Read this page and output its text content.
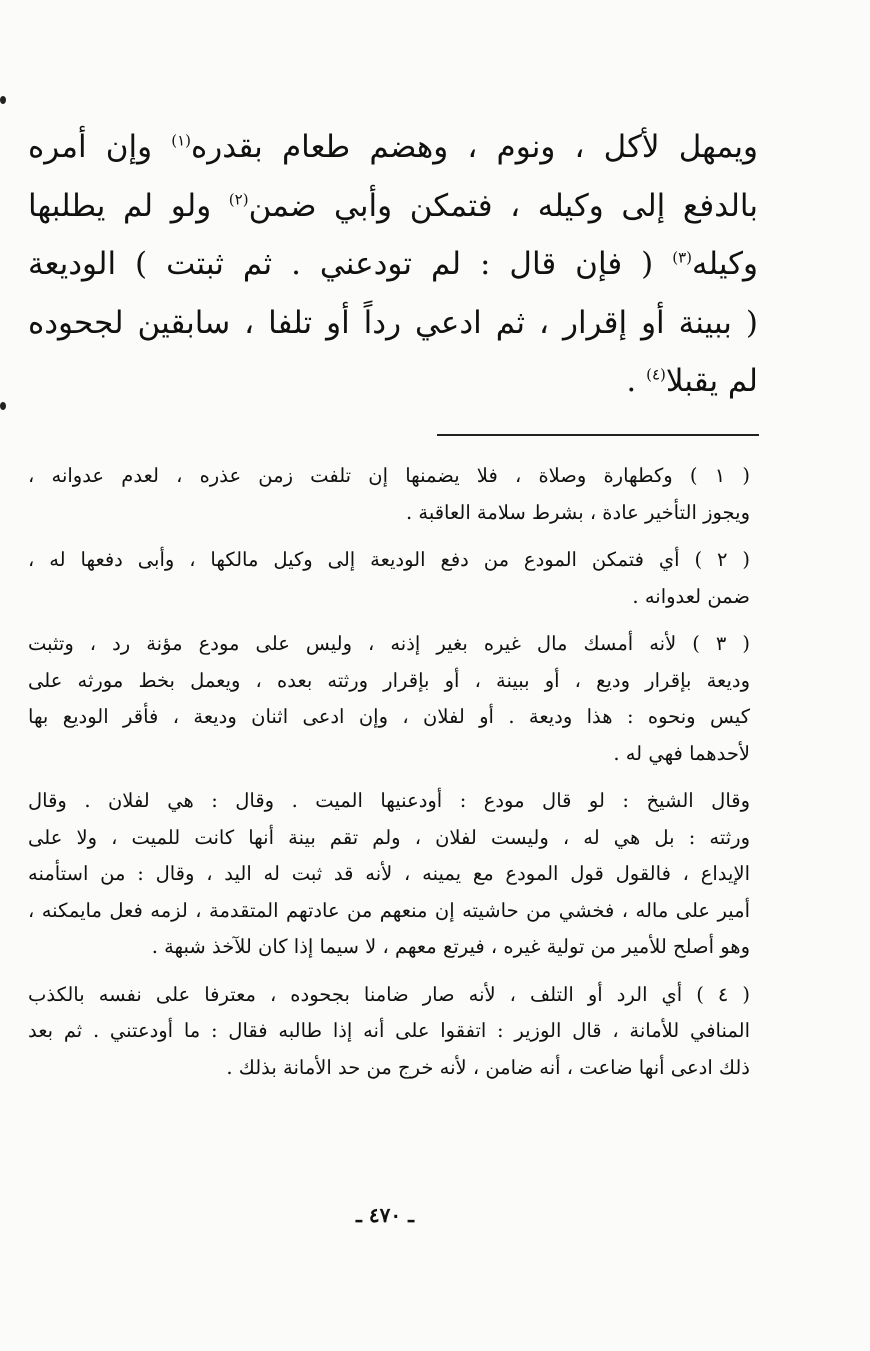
ويمهل لأكل ، ونوم ، وهضم طعام بقدره$^{(١)}$ وإن أمره
بالدفع إلى وكيله ، فتمكن وأبي ضمن$^{(٢)}$ ولو لم يطلبها
وكيله$^{(٣)}$ ( فإن قال : لم تودعني . ثم ثبتت ) الوديعة
( ببينة أو إقرار ، ثم ادعي رداً أو تلفا ، سابقين لجحوده
لم يقبلا$^{(٤)}$ .
( ١ ) وكطهارة وصلاة ، فلا يضمنها إن تلفت زمن عذره ، لعدم عدوانه ،
ويجوز التأخير عادة ، بشرط سلامة العاقبة .
( ٢ ) أي فتمكن المودع من دفع الوديعة إلى وكيل مالكها ، وأبى دفعها له ،
ضمن لعدوانه .
( ٣ ) لأنه أمسك مال غيره بغير إذنه ، وليس على مودع مؤنة رد ، وتثبت
وديعة بإقرار وديع ، أو ببينة ، أو بإقرار ورثته بعده ، ويعمل بخط مورثه على
كيس ونحوه : هذا وديعة . أو لفلان ، وإن ادعى اثنان وديعة ، فأقر الوديع بها
لأحدهما فهي له .
وقال الشيخ : لو قال مودع : أودعنيها الميت . وقال : هي لفلان . وقال
ورثته : بل هي له ، وليست لفلان ، ولم تقم بينة أنها كانت للميت ، ولا على
الإيداع ، فالقول قول المودع مع يمينه ، لأنه قد ثبت له اليد ، وقال : من استأمنه
أمير على ماله ، فخشي من حاشيته إن منعهم من عادتهم المتقدمة ، لزمه فعل مايمكنه ،
وهو أصلح للأمير من تولية غيره ، فيرتع معهم ، لا سيما إذا كان للآخذ شبهة .
( ٤ ) أي الرد أو التلف ، لأنه صار ضامنا بجحوده ، معترفا على نفسه بالكذب
المنافي للأمانة ، قال الوزير : اتفقوا على أنه إذا طالبه فقال : ما أودعتني . ثم بعد
ذلك ادعى أنها ضاعت ، أنه ضامن ، لأنه خرج من حد الأمانة بذلك .
ـ ٤٧٠ ـ
